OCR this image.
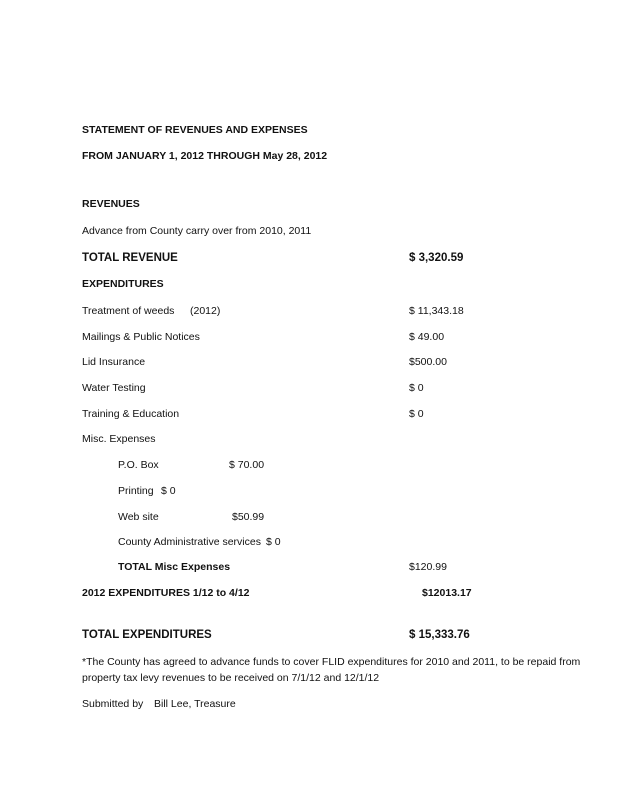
STATEMENT OF REVENUES AND EXPENSES
FROM JANUARY 1, 2012 THROUGH May 28, 2012
REVENUES
Advance from County carry over from 2010, 2011
TOTAL REVENUE	$ 3,320.59
EXPENDITURES
Treatment of weeds (2012)	$ 11,343.18
Mailings & Public Notices	$ 49.00
Lid Insurance	$500.00
Water Testing	$ 0
Training & Education	$ 0
Misc. Expenses
P.O. Box	$ 70.00
Printing $ 0
Web site	$50.99
County Administrative services $ 0
TOTAL Misc Expenses	$120.99
2012 EXPENDITURES 1/12 to 4/12	$12013.17
TOTAL EXPENDITURES	$ 15,333.76
*The County has agreed to advance funds to cover FLID expenditures for 2010 and 2011, to be repaid from property tax levy revenues to be received on 7/1/12 and 12/1/12
Submitted by Bill Lee, Treasure
